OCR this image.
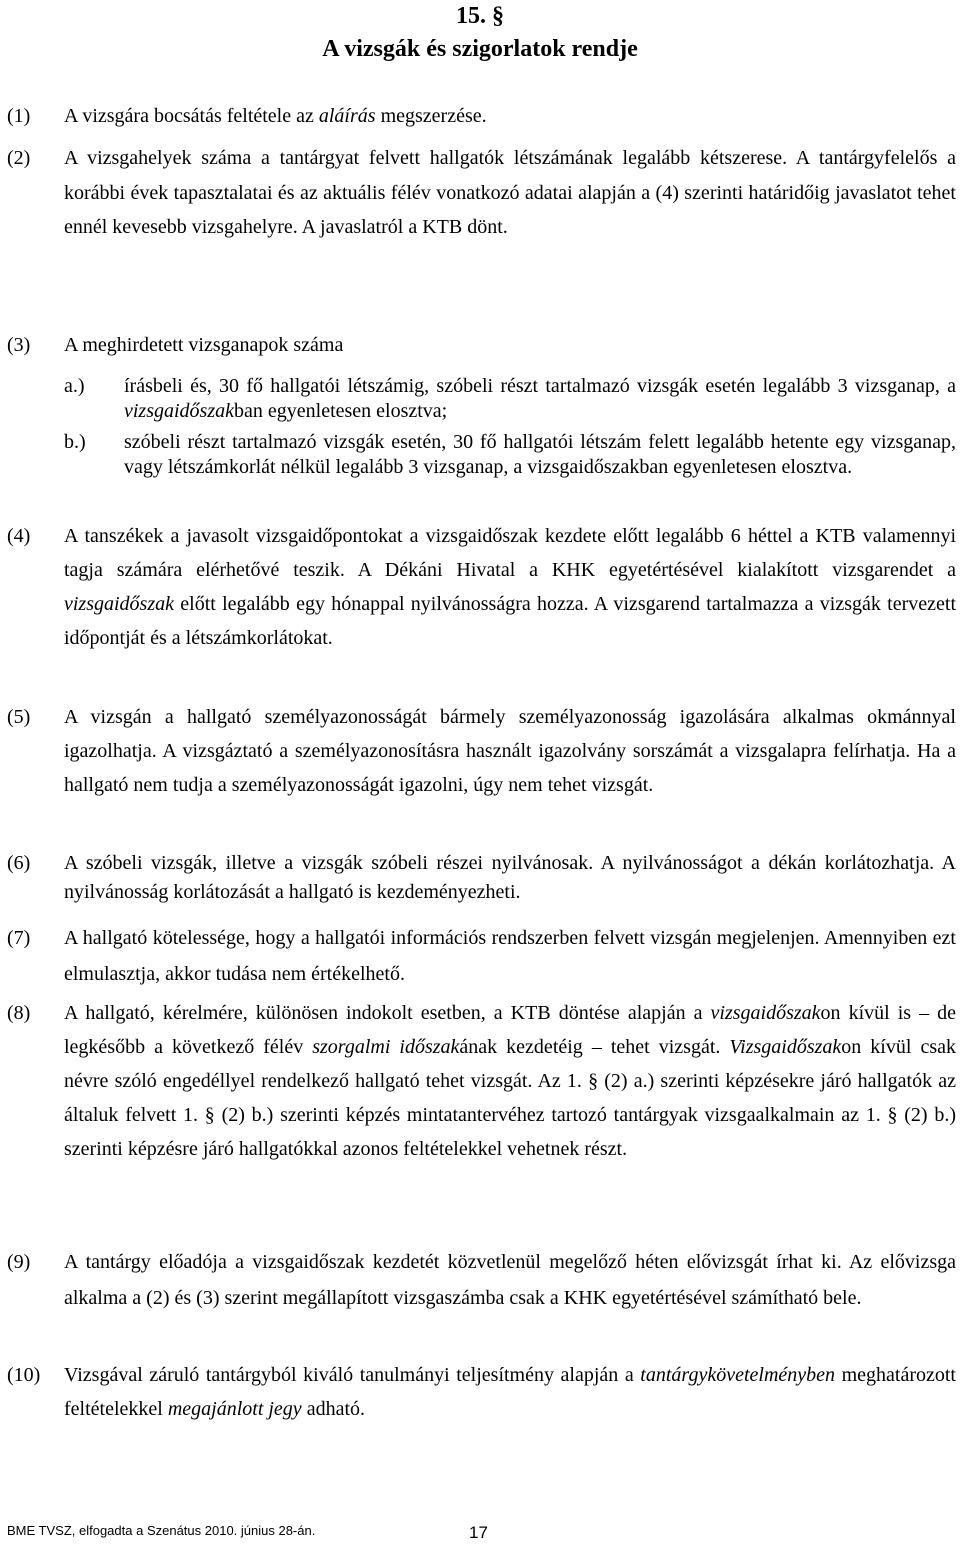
15. §
A vizsgák és szigorlatok rendje
(1)	A vizsgára bocsátás feltétele az aláírás megszerzése.
(2)	A vizsgahelyek száma a tantárgyat felvett hallgatók létszámának legalább kétszerese. A tantárgyfelelős a korábbi évek tapasztalatai és az aktuális félév vonatkozó adatai alapján a (4) szerinti határidőig javaslatot tehet ennél kevesebb vizsgahelyre. A javaslatról a KTB dönt.
(3)	A meghirdetett vizsganapok száma
a.)	írásbeli és, 30 fő hallgatói létszámig, szóbeli részt tartalmazó vizsgák esetén legalább 3 vizsganap, a vizsgaidőszakban egyenletesen elosztva;
b.)	szóbeli részt tartalmazó vizsgák esetén, 30 fő hallgatói létszám felett legalább hetente egy vizsganap, vagy létszámkorlát nélkül legalább 3 vizsganap, a vizsgaidőszakban egyenletesen elosztva.
(4)	A tanszékek a javasolt vizsgaidőpontokat a vizsgaidőszak kezdete előtt legalább 6 héttel a KTB valamennyi tagja számára elérhetővé teszik. A Dékáni Hivatal a KHK egyetértésével kialakított vizsgarendet a vizsgaidőszak előtt legalább egy hónappal nyilvánosságra hozza. A vizsgarend tartalmazza a vizsgák tervezett időpontját és a létszámkorlátokat.
(5)	A vizsgán a hallgató személyazonosságát bármely személyazonosság igazolására alkalmas okmánnyal igazolhatja. A vizsgáztató a személyazonosításra használt igazolvány sorszámát a vizsgalapra felírhatja. Ha a hallgató nem tudja a személyazonosságát igazolni, úgy nem tehet vizsgát.
(6)	A szóbeli vizsgák, illetve a vizsgák szóbeli részei nyilvánosak. A nyilvánosságot a dékán korlátozhatja. A nyilvánosság korlátozását a hallgató is kezdeményezheti.
(7)	A hallgató kötelessége, hogy a hallgatói információs rendszerben felvett vizsgán megjelenjen. Amennyiben ezt elmulasztja, akkor tudása nem értékelhető.
(8)	A hallgató, kérelmére, különösen indokolt esetben, a KTB döntése alapján a vizsgaidőszakon kívül is – de legkésőbb a következő félév szorgalmi időszakának kezdetéig – tehet vizsgát. Vizsgaidőszakon kívül csak névre szóló engedéllyel rendelkező hallgató tehet vizsgát. Az 1. § (2) a.) szerinti képzésekre járó hallgatók az általuk felvett 1. § (2) b.) szerinti képzés mintatantervéhez tartozó tantárgyak vizsgaalkalmain az 1. § (2) b.) szerinti képzésre járó hallgatókkal azonos feltételekkel vehetnek részt.
(9)	A tantárgy előadója a vizsgaidőszak kezdetét közvetlenül megelőző héten elővizsgát írhat ki. Az elővizsga alkalma a (2) és (3) szerint megállapított vizsgaszámba csak a KHK egyetértésével számítható bele.
(10)	Vizsgával záruló tantárgyból kiváló tanulmányi teljesítmény alapján a tantárgykövetelményben meghatározott feltételekkel megajánlott jegy adható.
BME TVSZ, elfogadta a Szenátus 2010. június 28-án.	17
